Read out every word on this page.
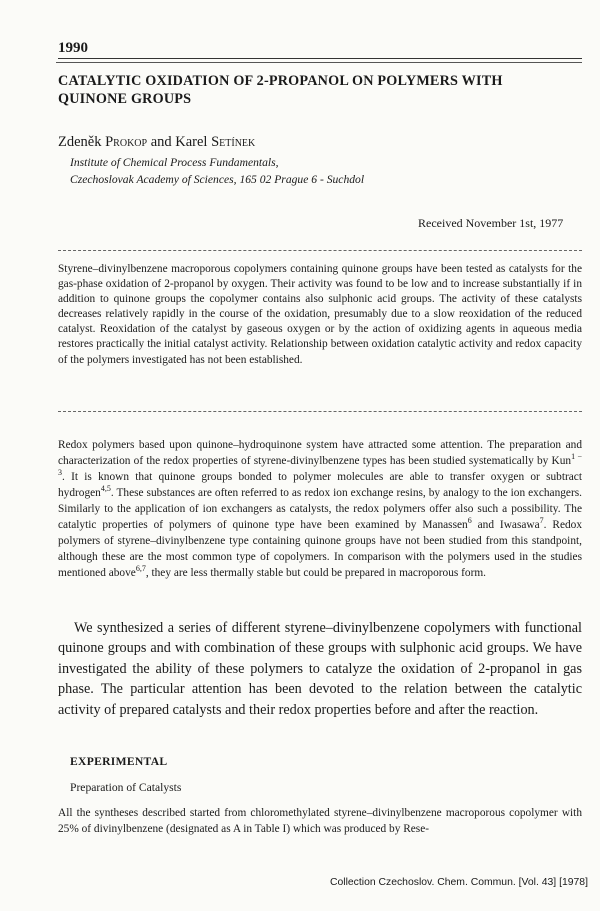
1990
CATALYTIC OXIDATION OF 2-PROPANOL ON POLYMERS WITH QUINONE GROUPS
Zdeněk Prokop and Karel Setínek
Institute of Chemical Process Fundamentals,
Czechoslovak Academy of Sciences, 165 02 Prague 6 - Suchdol
Received November 1st, 1977

Styrene–divinylbenzene macroporous copolymers containing quinone groups have been tested as catalysts for the gas-phase oxidation of 2-propanol by oxygen. Their activity was found to be low and to increase substantially if in addition to quinone groups the copolymer contains also sulphonic acid groups. The activity of these catalysts decreases relatively rapidly in the course of the oxidation, presumably due to a slow reoxidation of the reduced catalyst. Reoxidation of the catalyst by gaseous oxygen or by the action of oxidizing agents in aqueous media restores practically the initial catalyst activity. Relationship between oxidation catalytic activity and redox capacity of the polymers investigated has not been established.

Redox polymers based upon quinone–hydroquinone system have attracted some attention. The preparation and characterization of the redox properties of styrene-divinylbenzene types has been studied systematically by Kun$^{1 - 3}$. It is known that quinone groups bonded to polymer molecules are able to transfer oxygen or subtract hydrogen$^{4,5}$. These substances are often referred to as redox ion exchange resins, by analogy to the ion exchangers. Similarly to the application of ion exchangers as catalysts, the redox polymers offer also such a possibility. The catalytic properties of polymers of quinone type have been examined by Manassen$^6$ and Iwasawa$^7$. Redox polymers of styrene–divinylbenzene type containing quinone groups have not been studied from this standpoint, although these are the most common type of copolymers. In comparison with the polymers used in the studies mentioned above$^{6,7}$, they are less thermally stable but could be prepared in macroporous form.

We synthesized a series of different styrene–divinylbenzene copolymers with functional quinone groups and with combination of these groups with sulphonic acid groups. We have investigated the ability of these polymers to catalyze the oxidation of 2-propanol in gas phase. The particular attention has been devoted to the relation between the catalytic activity of prepared catalysts and their redox properties before and after the reaction.

EXPERIMENTAL
Preparation of Catalysts

All the syntheses described started from chloromethylated styrene–divinylbenzene macroporous copolymer with 25% of divinylbenzene (designated as A in Table I) which was produced by Rese-

Collection Czechoslov. Chem. Commun. [Vol. 43] [1978]
